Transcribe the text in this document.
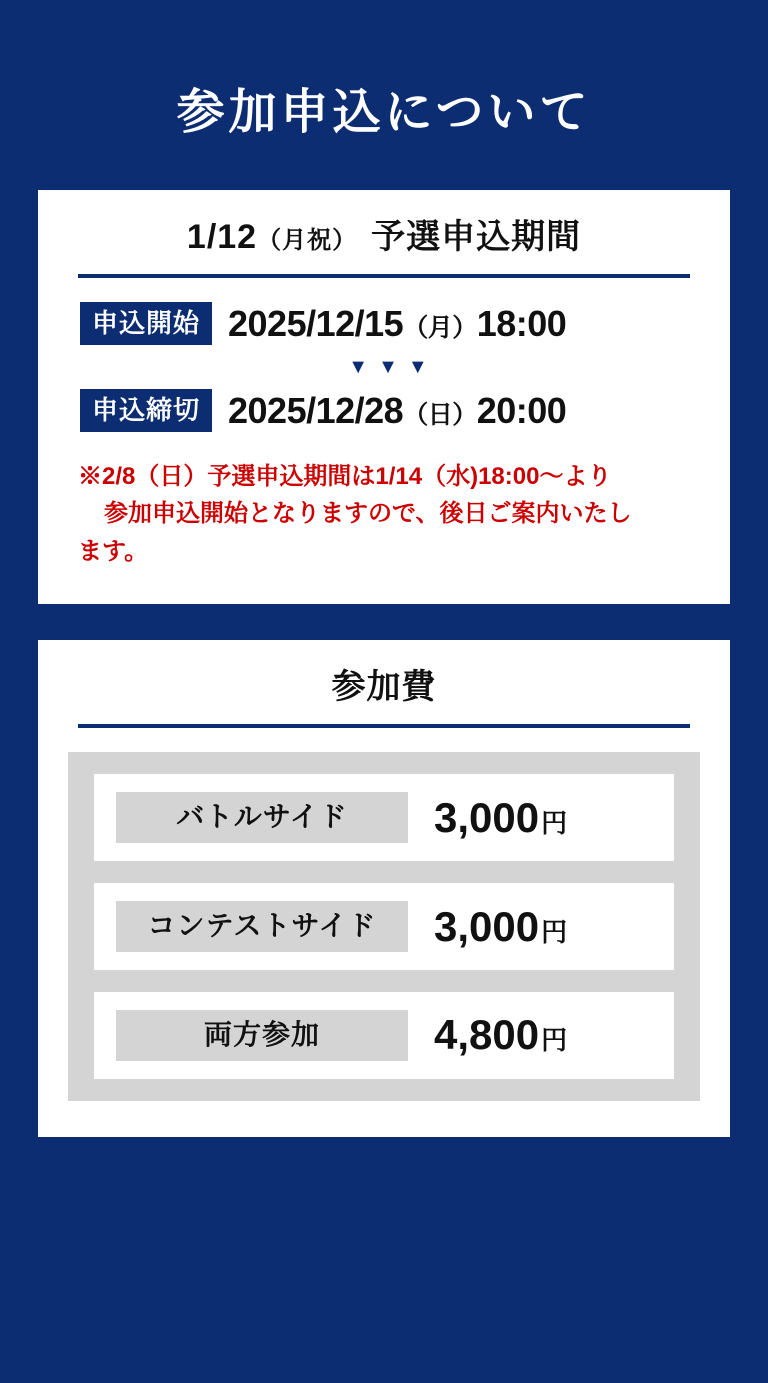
参加申込について
1/12（月祝） 予選申込期間
申込開始 2025/12/15（月）18:00
▼▼▼
申込締切 2025/12/28（日）20:00
※2/8（日）予選申込期間は1/14（水)18:00〜より
参加申込開始となりますので、後日ご案内いたし
ます。
参加費
バトルサイド	3,000円
コンテストサイド	3,000円
両方参加	4,800円
